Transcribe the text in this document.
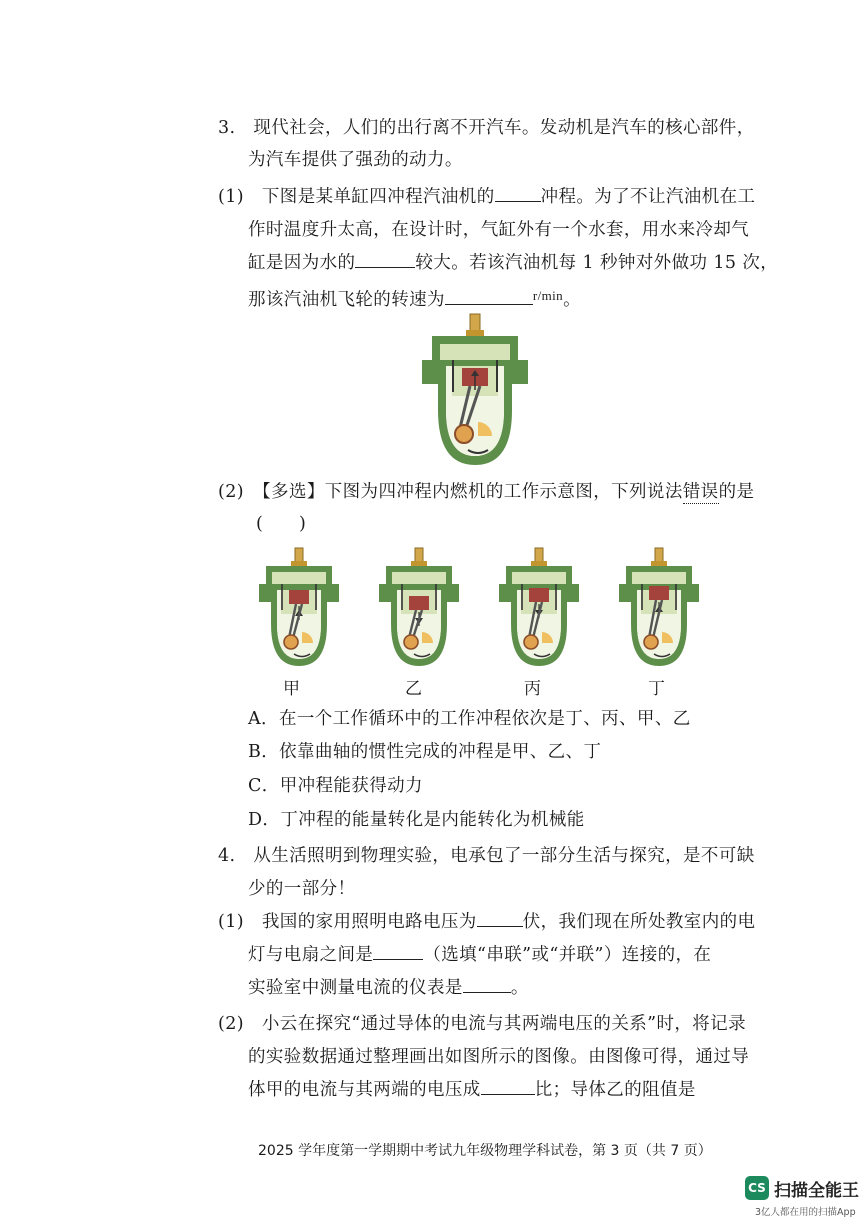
3.　现代社会，人们的出行离不开汽车。发动机是汽车的核心部件，
为汽车提供了强劲的动力。
(1)　下图是某单缸四冲程汽油机的	冲程。为了不让汽油机在工
作时温度升太高，在设计时，气缸外有一个水套，用水来冷却气
缸是因为水的	较大。若该汽油机每 1 秒钟对外做功 15 次，
那该汽油机飞轮的转速为	$^{r/min}$。
(2)　【多选】下图为四冲程内燃机的工作示意图，下列说法错误的是
(　　)
甲	乙	丙	丁
A．在一个工作循环中的工作冲程依次是丁、丙、甲、乙
B．依靠曲轴的惯性完成的冲程是甲、乙、丁
C．甲冲程能获得动力
D．丁冲程的能量转化是内能转化为机械能
4.　从生活照明到物理实验，电承包了一部分生活与探究，是不可缺
少的一部分！
(1)　我国的家用照明电路电压为	伏，我们现在所处教室内的电
灯与电扇之间是	（选填“串联”或“并联”）连接的，在
实验室中测量电流的仪表是	。
(2)　小云在探究“通过导体的电流与其两端电压的关系”时，将记录
的实验数据通过整理画出如图所示的图像。由图像可得，通过导
体甲的电流与其两端的电压成	比；导体乙的阻值是
2025 学年度第一学期期中考试九年级物理学科试卷，第 3 页（共 7 页）
CS 扫描全能王
3亿人都在用的扫描App
